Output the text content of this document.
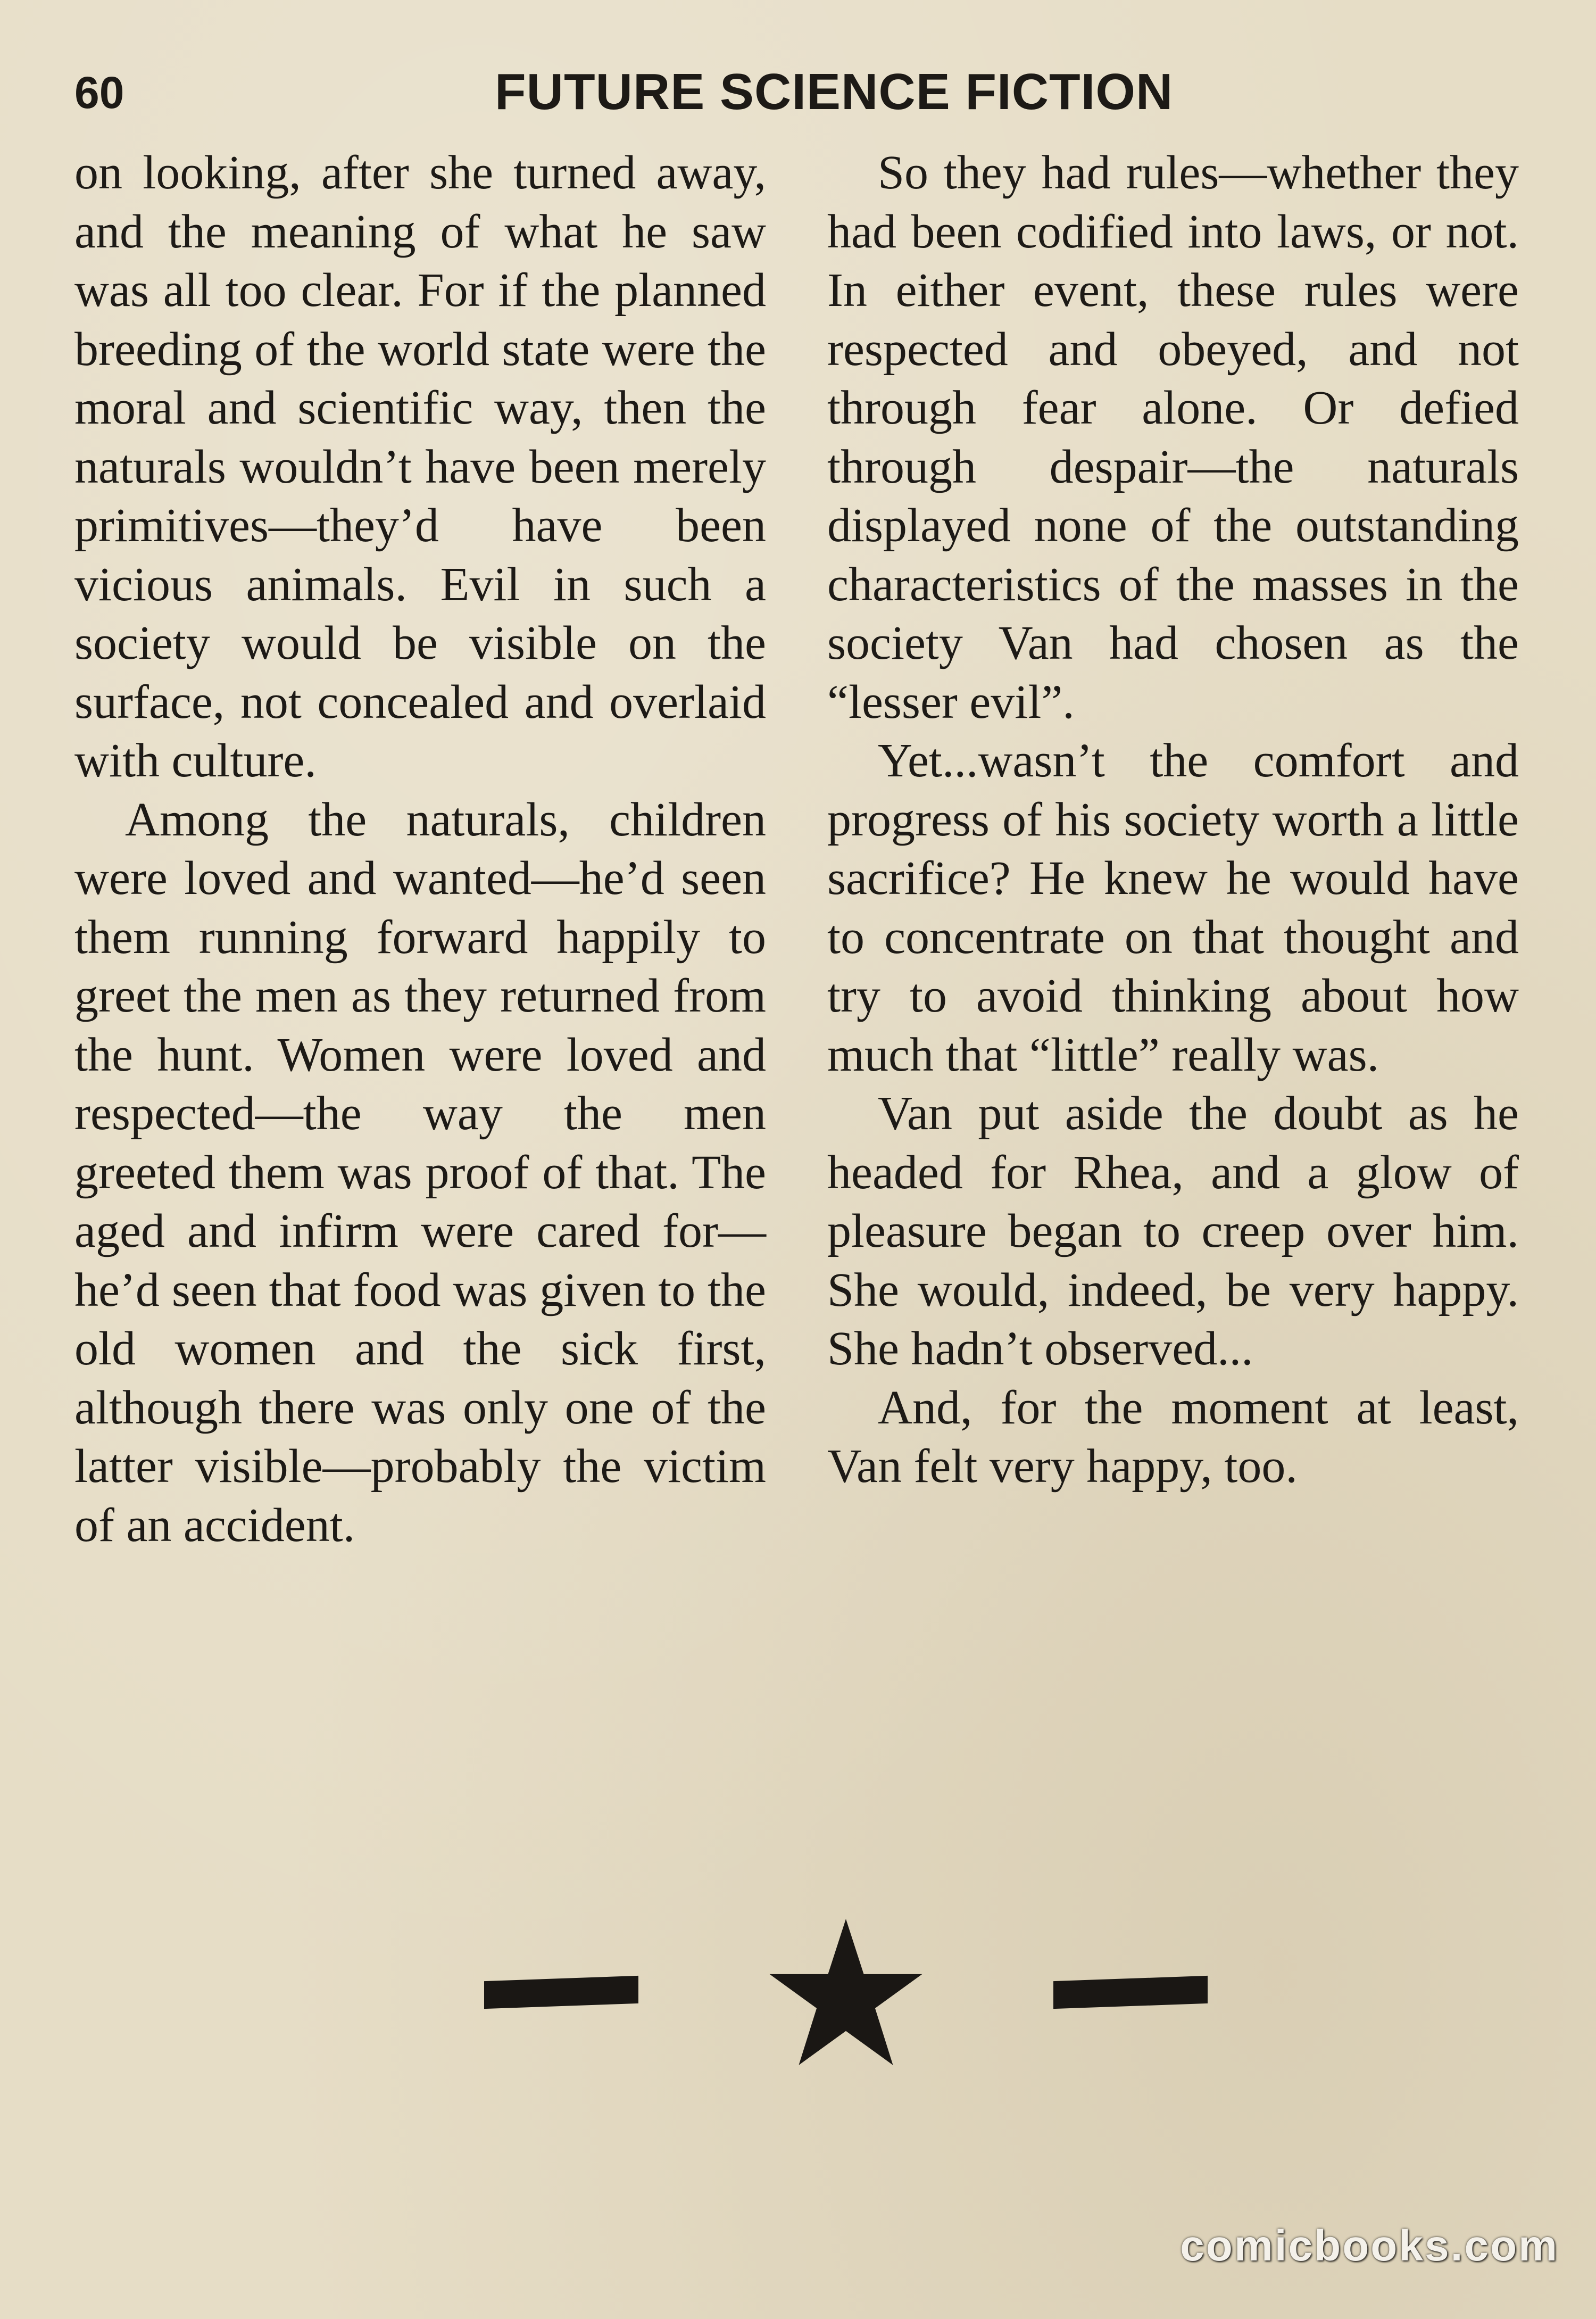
60	FUTURE SCIENCE FICTION

on looking, after she turned away, and the meaning of what he saw was all too clear. For if the planned breeding of the world state were the moral and scientific way, then the naturals wouldn’t have been merely primitives—they’d have been vicious animals. Evil in such a society would be visible on the surface, not concealed and overlaid with culture.

Among the naturals, children were loved and wanted—he’d seen them running forward happily to greet the men as they returned from the hunt. Women were loved and respected—the way the men greeted them was proof of that. The aged and infirm were cared for—he’d seen that food was given to the old women and the sick first, although there was only one of the latter visible—probably the victim of an accident.

So they had rules—whether they had been codified into laws, or not. In either event, these rules were respected and obeyed, and not through fear alone. Or defied through despair—the naturals displayed none of the outstanding characteristics of the masses in the society Van had chosen as the “lesser evil”.

Yet...wasn’t the comfort and progress of his society worth a little sacrifice? He knew he would have to concentrate on that thought and try to avoid thinking about how much that “little” really was.

Van put aside the doubt as he headed for Rhea, and a glow of pleasure began to creep over him. She would, indeed, be very happy. She hadn’t observed...

And, for the moment at least, Van felt very happy, too.

comicbooks.com
